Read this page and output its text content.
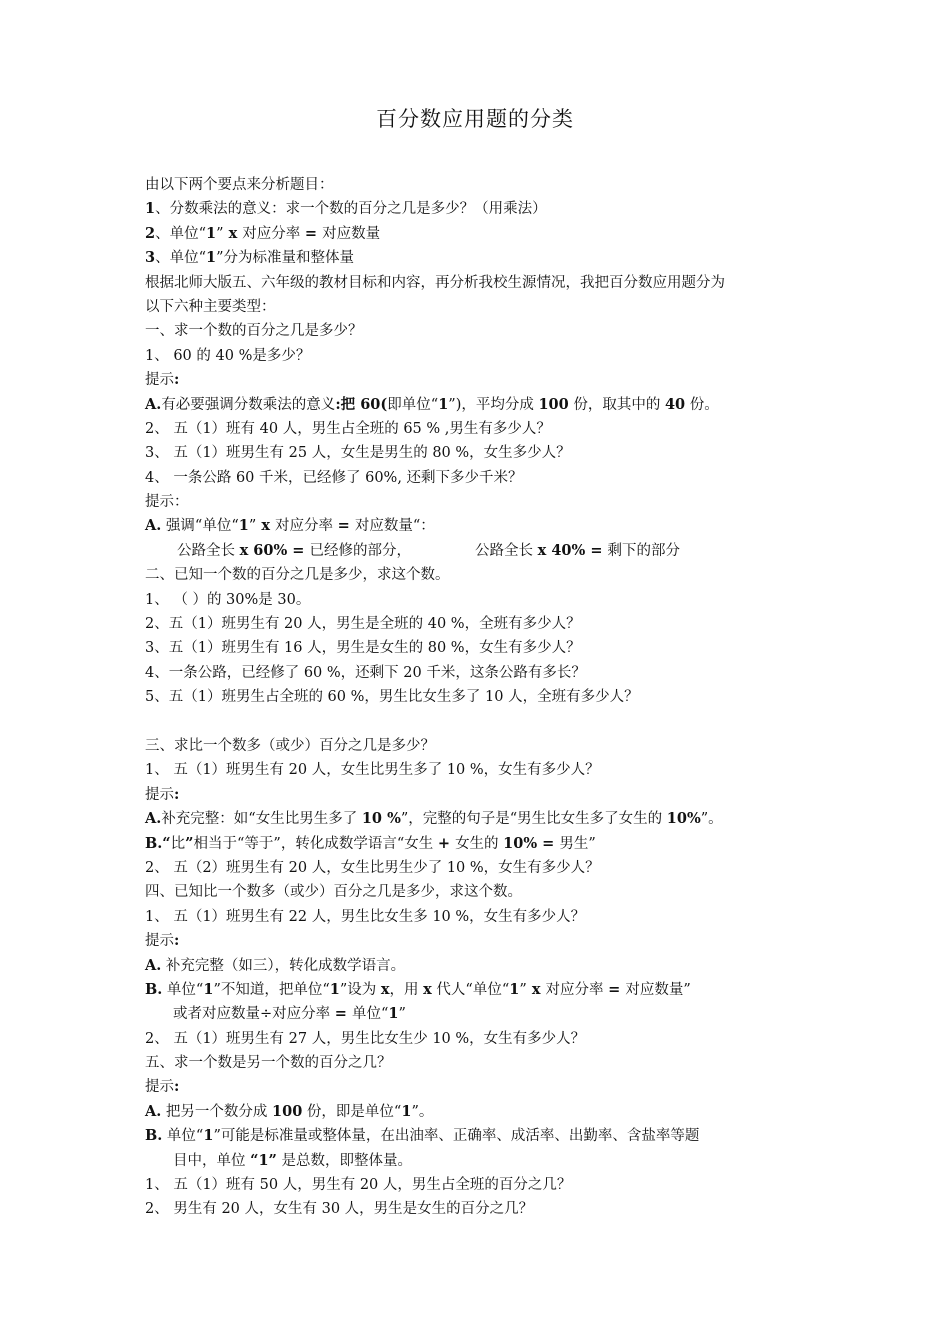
百分数应用题的分类
由以下两个要点来分析题目：
1、分数乘法的意义：求一个数的百分之几是多少？（用乘法）
2、单位“1” x 对应分率 = 对应数量
3、单位“1”分为标准量和整体量
根据北师大版五、六年级的教材目标和内容，再分析我校生源情况，我把百分数应用题分为
以下六种主要类型：
一、求一个数的百分之几是多少？
1、 60 的 40 %是多少？
提示:
A.有必要强调分数乘法的意义:把 60(即单位“1”)，平均分成 100 份，取其中的 40 份。
2、 五（1）班有 40 人，男生占全班的 65 % ,男生有多少人？
3、 五（1）班男生有 25 人，女生是男生的 80 %，女生多少人？
4、 一条公路 60 千米，已经修了 60%, 还剩下多少千米？
提示：
A. 强调“单位“1” x 对应分率 = 对应数量“：
公路全长 x 60% = 已经修的部分，	公路全长 x 40% = 剩下的部分
二、已知一个数的百分之几是多少，求这个数。
1、 （ ）的 30%是 30。
2、五（1）班男生有 20 人，男生是全班的 40 %，全班有多少人？
3、五（1）班男生有 16 人，男生是女生的 80 %，女生有多少人？
4、一条公路，已经修了 60 %，还剩下 20 千米，这条公路有多长？
5、五（1）班男生占全班的 60 %，男生比女生多了 10 人，全班有多少人？
三、求比一个数多（或少）百分之几是多少？
1、 五（1）班男生有 20 人，女生比男生多了 10 %，女生有多少人？
提示:
A.补充完整：如“女生比男生多了 10 %”，完整的句子是“男生比女生多了女生的 10%”。
B.“比”相当于“等于”，转化成数学语言“女生 + 女生的 10% = 男生”
2、 五（2）班男生有 20 人，女生比男生少了 10 %，女生有多少人？
四、已知比一个数多（或少）百分之几是多少，求这个数。
1、 五（1）班男生有 22 人，男生比女生多 10 %，女生有多少人？
提示:
A. 补充完整（如三），转化成数学语言。
B. 单位“1”不知道，把单位“1”设为 x，用 x 代人“单位“1” x 对应分率 = 对应数量”
或者对应数量÷对应分率 = 单位“1”
2、 五（1）班男生有 27 人，男生比女生少 10 %，女生有多少人？
五、求一个数是另一个数的百分之几？
提示:
A. 把另一个数分成 100 份，即是单位“1”。
B. 单位“1”可能是标准量或整体量，在出油率、正确率、成活率、出勤率、含盐率等题
目中，单位 “1” 是总数，即整体量。
1、 五（1）班有 50 人，男生有 20 人，男生占全班的百分之几？
2、 男生有 20 人，女生有 30 人，男生是女生的百分之几？
